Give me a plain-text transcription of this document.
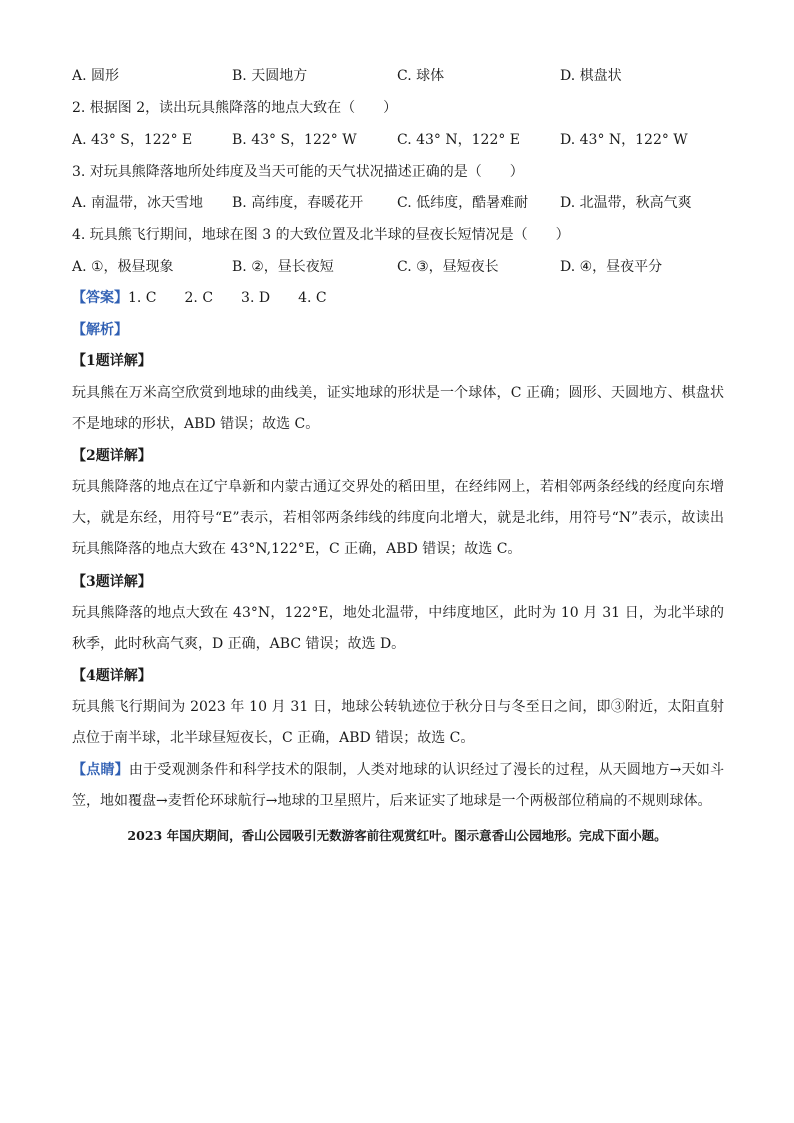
A. 圆形	B. 天圆地方	C. 球体	D. 棋盘状
2. 根据图 2，读出玩具熊降落的地点大致在（　　）
A. 43° S，122° E	B. 43° S，122° W	C. 43° N，122° E	D. 43° N，122° W
3. 对玩具熊降落地所处纬度及当天可能的天气状况描述正确的是（　　）
A. 南温带，冰天雪地 B. 高纬度，春暖花开 C. 低纬度，酷暑难耐 D. 北温带，秋高气爽
4. 玩具熊飞行期间，地球在图 3 的大致位置及北半球的昼夜长短情况是（　　）
A. ①，极昼现象	B. ②，昼长夜短	C. ③，昼短夜长	D. ④，昼夜平分
【答案】1. C　　2. C　　3. D　　4. C
【解析】
【1题详解】
玩具熊在万米高空欣赏到地球的曲线美，证实地球的形状是一个球体，C 正确；圆形、天圆地方、棋盘状不是地球的形状，ABD 错误；故选 C。
【2题详解】
玩具熊降落的地点在辽宁阜新和内蒙古通辽交界处的稻田里，在经纬网上，若相邻两条经线的经度向东增大，就是东经，用符号“E”表示，若相邻两条纬线的纬度向北增大，就是北纬，用符号“N”表示，故读出玩具熊降落的地点大致在 43°N,122°E，C 正确，ABD 错误；故选 C。
【3题详解】
玩具熊降落的地点大致在 43°N，122°E，地处北温带，中纬度地区，此时为 10 月 31 日，为北半球的秋季，此时秋高气爽，D 正确，ABC 错误；故选 D。
【4题详解】
玩具熊飞行期间为 2023 年 10 月 31 日，地球公转轨迹位于秋分日与冬至日之间，即③附近，太阳直射点位于南半球，北半球昼短夜长，C 正确，ABD 错误；故选 C。
【点睛】由于受观测条件和科学技术的限制，人类对地球的认识经过了漫长的过程，从天圆地方→天如斗笠，地如覆盘→麦哲伦环球航行→地球的卫星照片，后来证实了地球是一个两极部位稍扁的不规则球体。
2023 年国庆期间，香山公园吸引无数游客前往观赏红叶。图示意香山公园地形。完成下面小题。
